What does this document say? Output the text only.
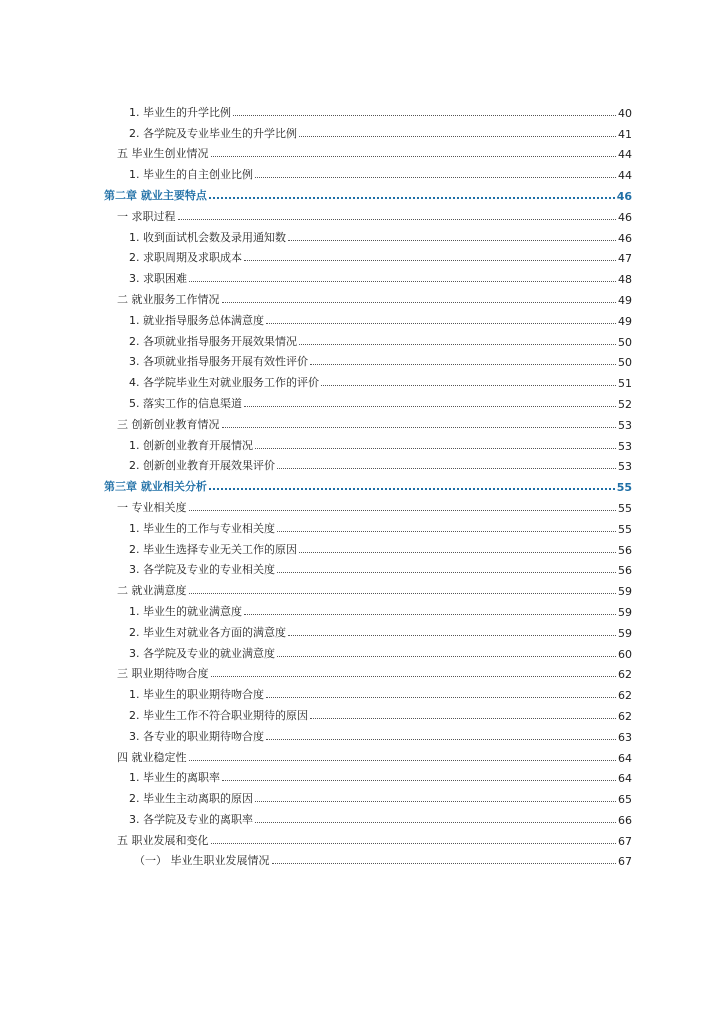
1. 毕业生的升学比例	40
2. 各学院及专业毕业生的升学比例	41
五 毕业生创业情况	44
1. 毕业生的自主创业比例	44
第二章 就业主要特点	46
一 求职过程	46
1. 收到面试机会数及录用通知数	46
2. 求职周期及求职成本	47
3. 求职困难	48
二 就业服务工作情况	49
1. 就业指导服务总体满意度	49
2. 各项就业指导服务开展效果情况	50
3. 各项就业指导服务开展有效性评价	50
4. 各学院毕业生对就业服务工作的评价	51
5. 落实工作的信息渠道	52
三 创新创业教育情况	53
1. 创新创业教育开展情况	53
2. 创新创业教育开展效果评价	53
第三章 就业相关分析	55
一 专业相关度	55
1. 毕业生的工作与专业相关度	55
2. 毕业生选择专业无关工作的原因	56
3. 各学院及专业的专业相关度	56
二 就业满意度	59
1. 毕业生的就业满意度	59
2. 毕业生对就业各方面的满意度	59
3. 各学院及专业的就业满意度	60
三 职业期待吻合度	62
1. 毕业生的职业期待吻合度	62
2. 毕业生工作不符合职业期待的原因	62
3. 各专业的职业期待吻合度	63
四 就业稳定性	64
1. 毕业生的离职率	64
2. 毕业生主动离职的原因	65
3. 各学院及专业的离职率	66
五 职业发展和变化	67
（一） 毕业生职业发展情况	67
